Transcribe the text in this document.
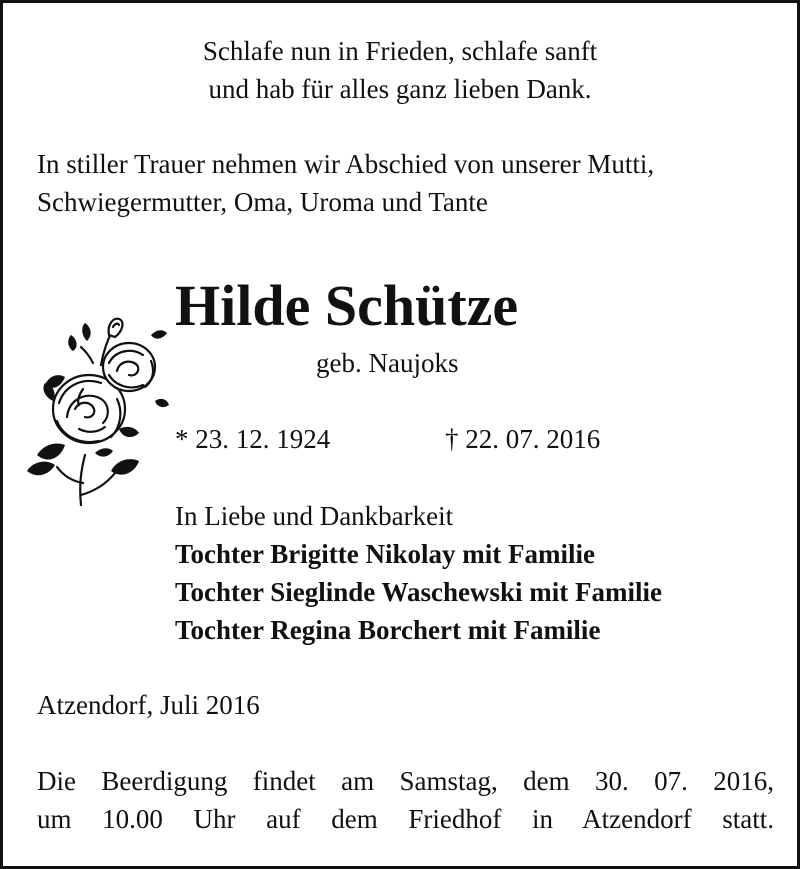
Schlafe nun in Frieden, schlafe sanft
und hab für alles ganz lieben Dank.
In stiller Trauer nehmen wir Abschied von unserer Mutti,
Schwiegermutter, Oma, Uroma und Tante
Hilde Schütze
geb. Naujoks
* 23. 12. 1924	† 22. 07. 2016
In Liebe und Dankbarkeit
Tochter Brigitte Nikolay mit Familie
Tochter Sieglinde Waschewski mit Familie
Tochter Regina Borchert mit Familie
Atzendorf, Juli 2016
Die Beerdigung findet am Samstag, dem 30. 07. 2016,
um 10.00 Uhr auf dem Friedhof in Atzendorf statt.
